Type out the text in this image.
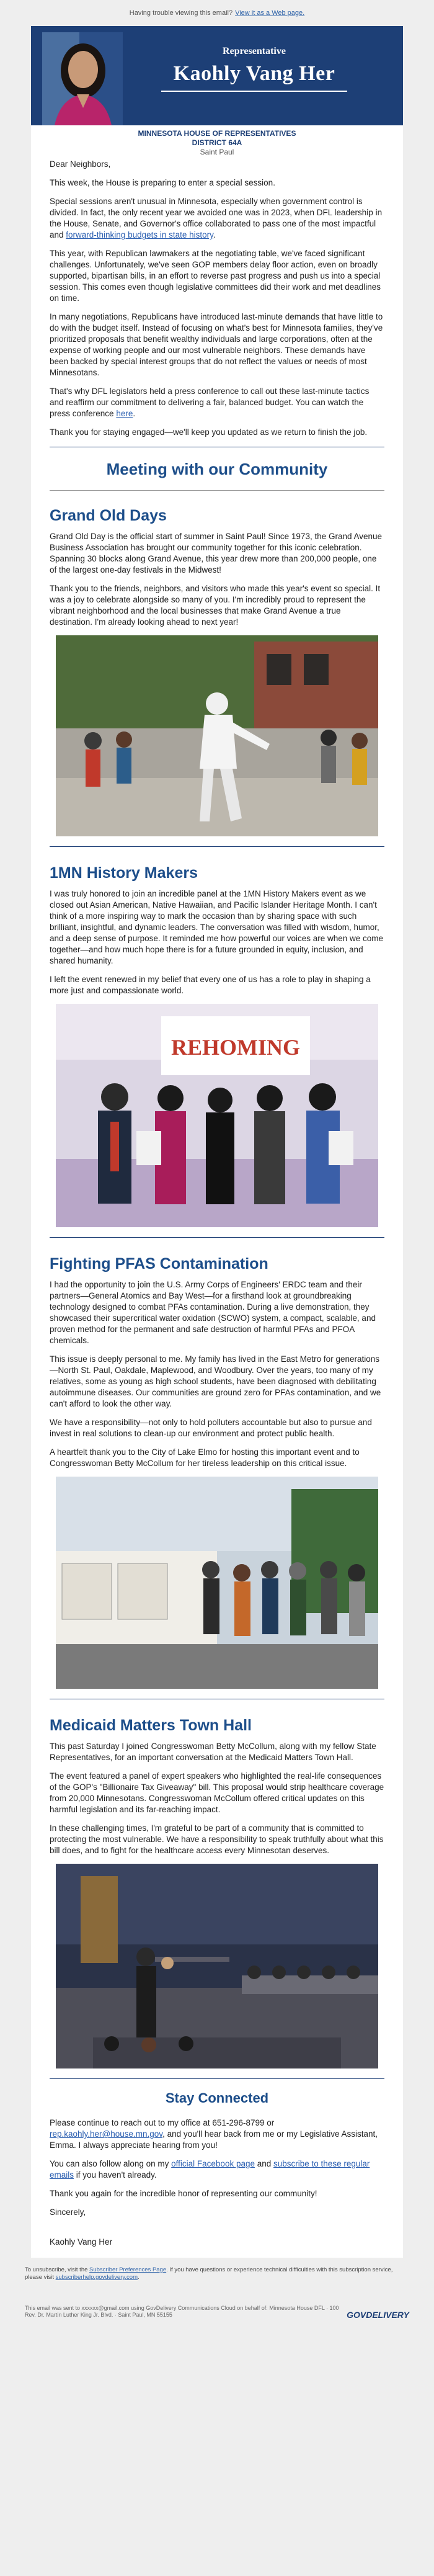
Having trouble viewing this email? View it as a Web page.
Representative
Kaohly Vang Her
MINNESOTA HOUSE OF REPRESENTATIVES
DISTRICT 64A
Saint Paul

Dear Neighbors,

This week, the House is preparing to enter a special session.

Special sessions aren't unusual in Minnesota, especially when government control is divided. In fact, the only recent year we avoided one was in 2023, when DFL leadership in the House, Senate, and Governor's office collaborated to pass one of the most impactful and forward-thinking budgets in state history.

This year, with Republican lawmakers at the negotiating table, we've faced significant challenges. Unfortunately, we've seen GOP members delay floor action, even on broadly supported, bipartisan bills, in an effort to reverse past progress and push us into a special session. This comes even though legislative committees did their work and met deadlines on time.

In many negotiations, Republicans have introduced last-minute demands that have little to do with the budget itself. Instead of focusing on what's best for Minnesota families, they've prioritized proposals that benefit wealthy individuals and large corporations, often at the expense of working people and our most vulnerable neighbors. These demands have been backed by special interest groups that do not reflect the values or needs of most Minnesotans.

That's why DFL legislators held a press conference to call out these last-minute tactics and reaffirm our commitment to delivering a fair, balanced budget. You can watch the press conference here.

Thank you for staying engaged—we'll keep you updated as we return to finish the job.

Meeting with our Community
Grand Old Days

Grand Old Day is the official start of summer in Saint Paul! Since 1973, the Grand Avenue Business Association has brought our community together for this iconic celebration. Spanning 30 blocks along Grand Avenue, this year drew more than 200,000 people, one of the largest one-day festivals in the Midwest!

Thank you to the friends, neighbors, and visitors who made this year's event so special. It was a joy to celebrate alongside so many of you. I'm incredibly proud to represent the vibrant neighborhood and the local businesses that make Grand Avenue a true destination. I'm already looking ahead to next year!

1MN History Makers

I was truly honored to join an incredible panel at the 1MN History Makers event as we closed out Asian American, Native Hawaiian, and Pacific Islander Heritage Month. I can't think of a more inspiring way to mark the occasion than by sharing space with such brilliant, insightful, and dynamic leaders. The conversation was filled with wisdom, humor, and a deep sense of purpose. It reminded me how powerful our voices are when we come together—and how much hope there is for a future grounded in equity, inclusion, and shared humanity.

I left the event renewed in my belief that every one of us has a role to play in shaping a more just and compassionate world.

REHOMING
Fighting PFAS Contamination

I had the opportunity to join the U.S. Army Corps of Engineers' ERDC team and their partners—General Atomics and Bay West—for a firsthand look at groundbreaking technology designed to combat PFAs contamination. During a live demonstration, they showcased their supercritical water oxidation (SCWO) system, a compact, scalable, and proven method for the permanent and safe destruction of harmful PFAs and PFOA chemicals.

This issue is deeply personal to me. My family has lived in the East Metro for generations—North St. Paul, Oakdale, Maplewood, and Woodbury. Over the years, too many of my relatives, some as young as high school students, have been diagnosed with debilitating autoimmune diseases. Our communities are ground zero for PFAs contamination, and we can't afford to look the other way.

We have a responsibility—not only to hold polluters accountable but also to pursue and invest in real solutions to clean-up our environment and protect public health.

A heartfelt thank you to the City of Lake Elmo for hosting this important event and to Congresswoman Betty McCollum for her tireless leadership on this critical issue.

Medicaid Matters Town Hall

This past Saturday I joined Congresswoman Betty McCollum, along with my fellow State Representatives, for an important conversation at the Medicaid Matters Town Hall.

The event featured a panel of expert speakers who highlighted the real-life consequences of the GOP's "Billionaire Tax Giveaway" bill. This proposal would strip healthcare coverage from 20,000 Minnesotans. Congresswoman McCollum offered critical updates on this harmful legislation and its far-reaching impact.

In these challenging times, I'm grateful to be part of a community that is committed to protecting the most vulnerable. We have a responsibility to speak truthfully about what this bill does, and to fight for the healthcare access every Minnesotan deserves.

Stay Connected

Please continue to reach out to my office at 651-296-8799 or rep.kaohly.her@house.mn.gov, and you'll hear back from me or my Legislative Assistant, Emma. I always appreciate hearing from you!

You can also follow along on my official Facebook page and subscribe to these regular emails if you haven't already.

Thank you again for the incredible honor of representing our community!

Sincerely,

Kaohly Vang Her

To unsubscribe, visit the Subscriber Preferences Page. If you have questions or experience technical difficulties with this subscription service, please visit subscriberhelp.govdelivery.com.
This email was sent to xxxxxx@gmail.com using GovDelivery Communications Cloud on behalf of: Minnesota House DFL · 100
Rev. Dr. Martin Luther King Jr. Blvd. · Saint Paul, MN 55155	GOVDELIVERY
